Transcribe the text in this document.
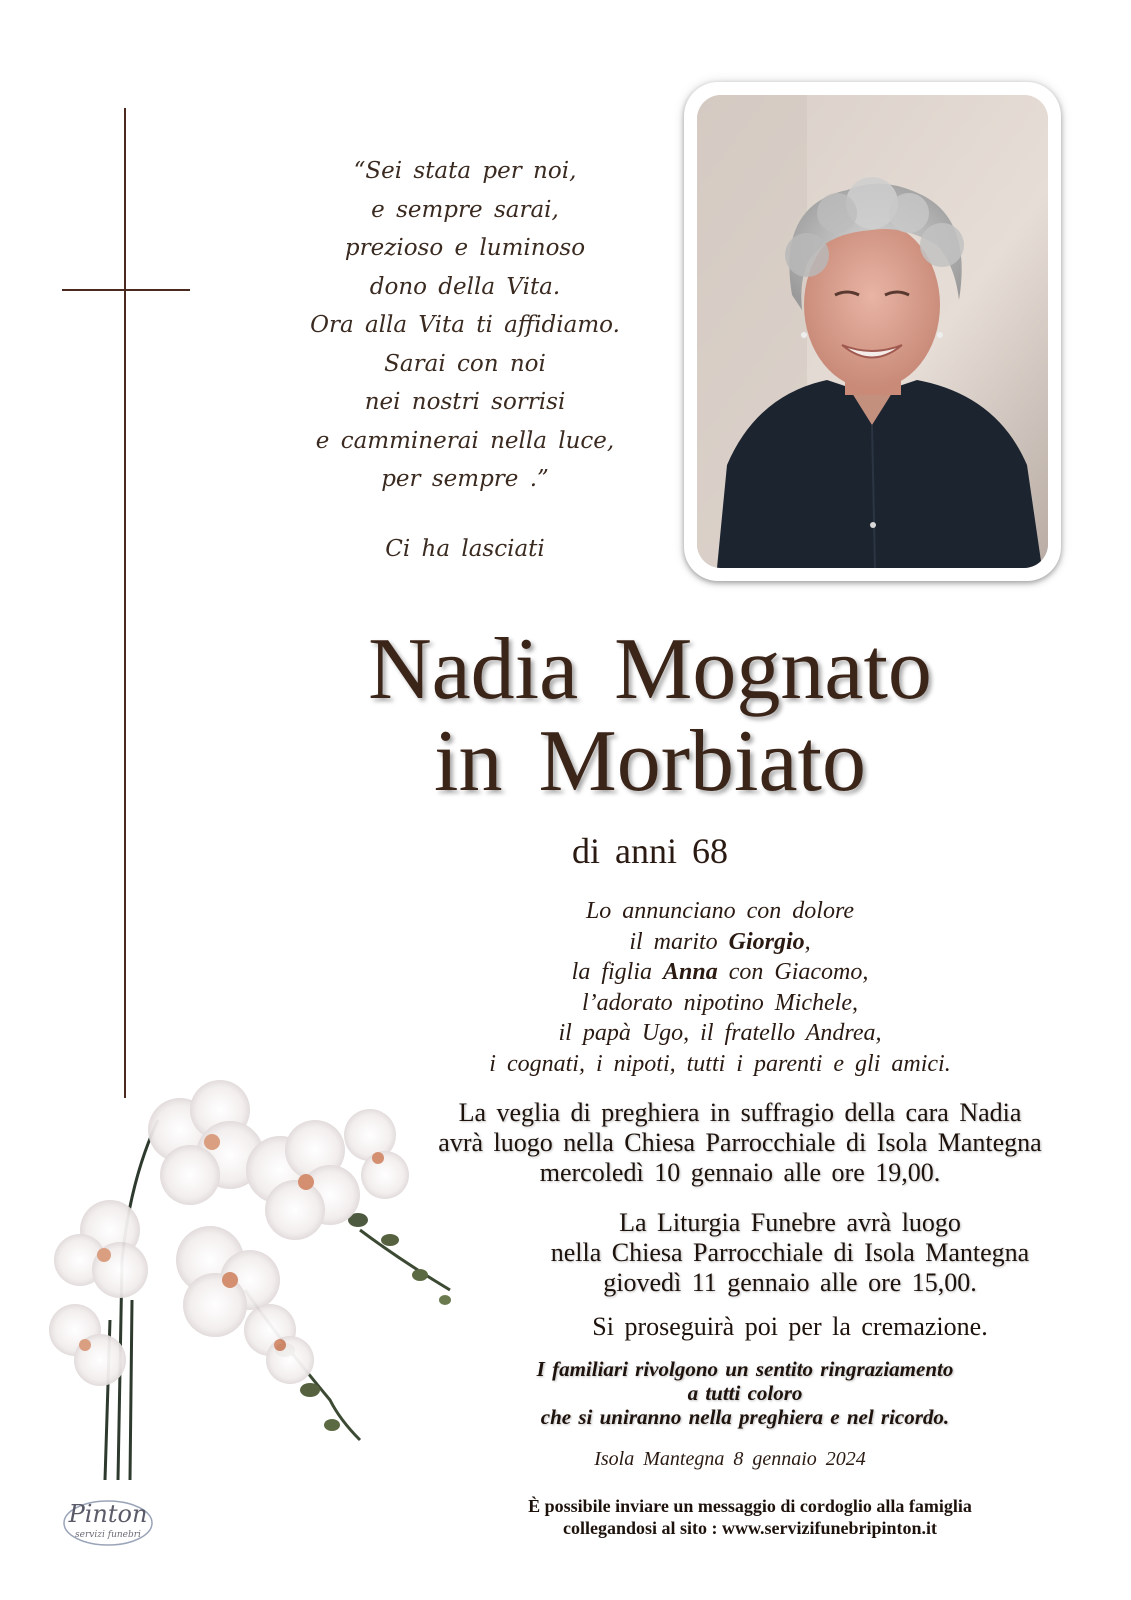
“Sei stata per noi,
e sempre sarai,
prezioso e luminoso
dono della Vita.
Ora alla Vita ti affidiamo.
Sarai con noi
nei nostri sorrisi
e camminerai nella luce,
per sempre .”
Ci ha lasciati
Nadia Mognato
in Morbiato
di anni 68
Lo annunciano con dolore
il marito Giorgio,
la figlia Anna con Giacomo,
l’adorato nipotino Michele,
il papà Ugo, il fratello Andrea,
i cognati, i nipoti, tutti i parenti e gli amici.
La veglia di preghiera in suffragio della cara Nadia
avrà luogo nella Chiesa Parrocchiale di Isola Mantegna
mercoledì 10 gennaio alle ore 19,00.
La Liturgia Funebre avrà luogo
nella Chiesa Parrocchiale di Isola Mantegna
giovedì 11 gennaio alle ore 15,00.
Si proseguirà poi per la cremazione.
I familiari rivolgono un sentito ringraziamento
a tutti coloro
che si uniranno nella preghiera e nel ricordo.
Isola Mantegna 8 gennaio 2024
È possibile inviare un messaggio di cordoglio alla famiglia
collegandosi al sito : www.servizifunebripinton.it
Pinton
servizi funebri
